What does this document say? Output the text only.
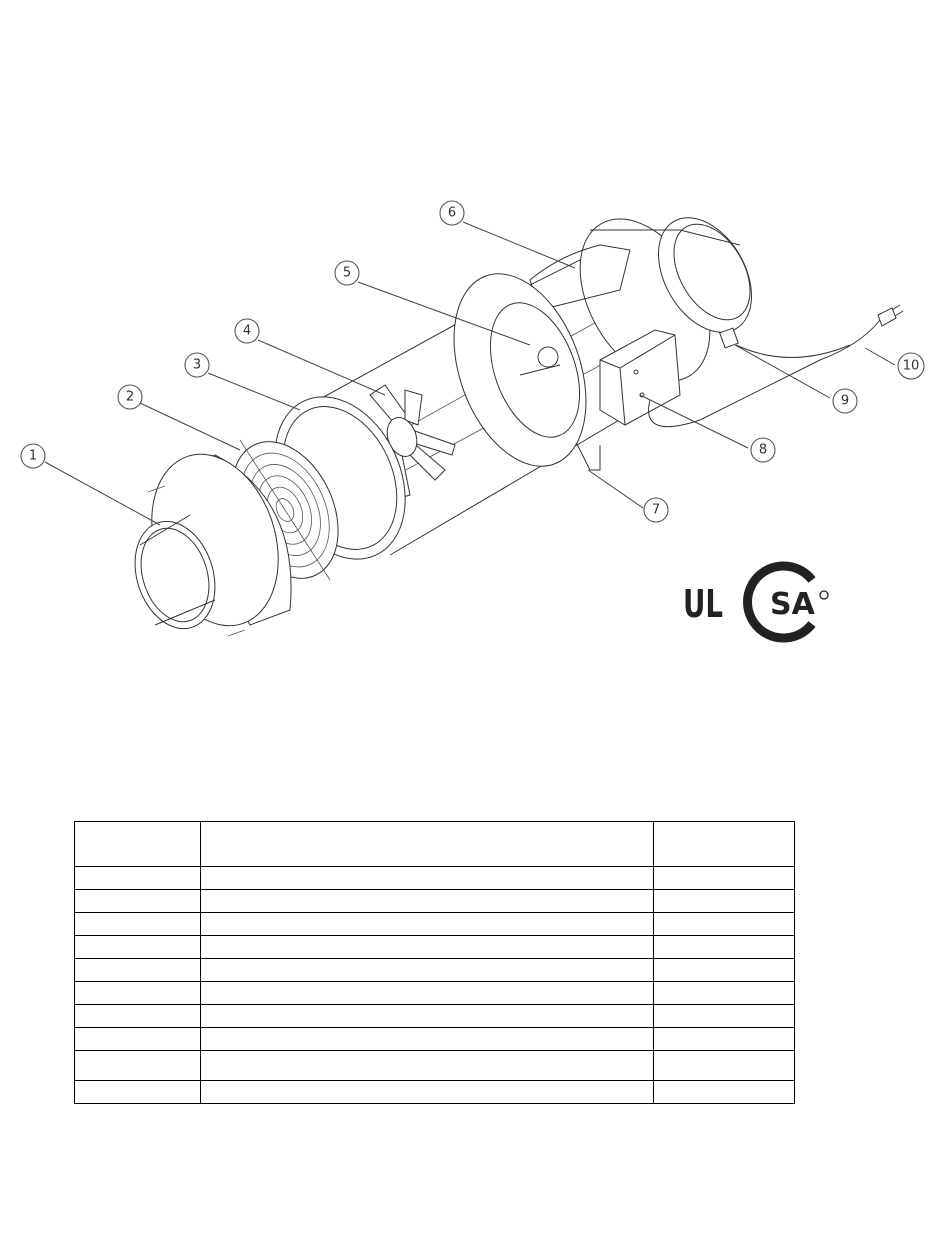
1
2
3
4
5
6
7
8
9
10
UL SA
